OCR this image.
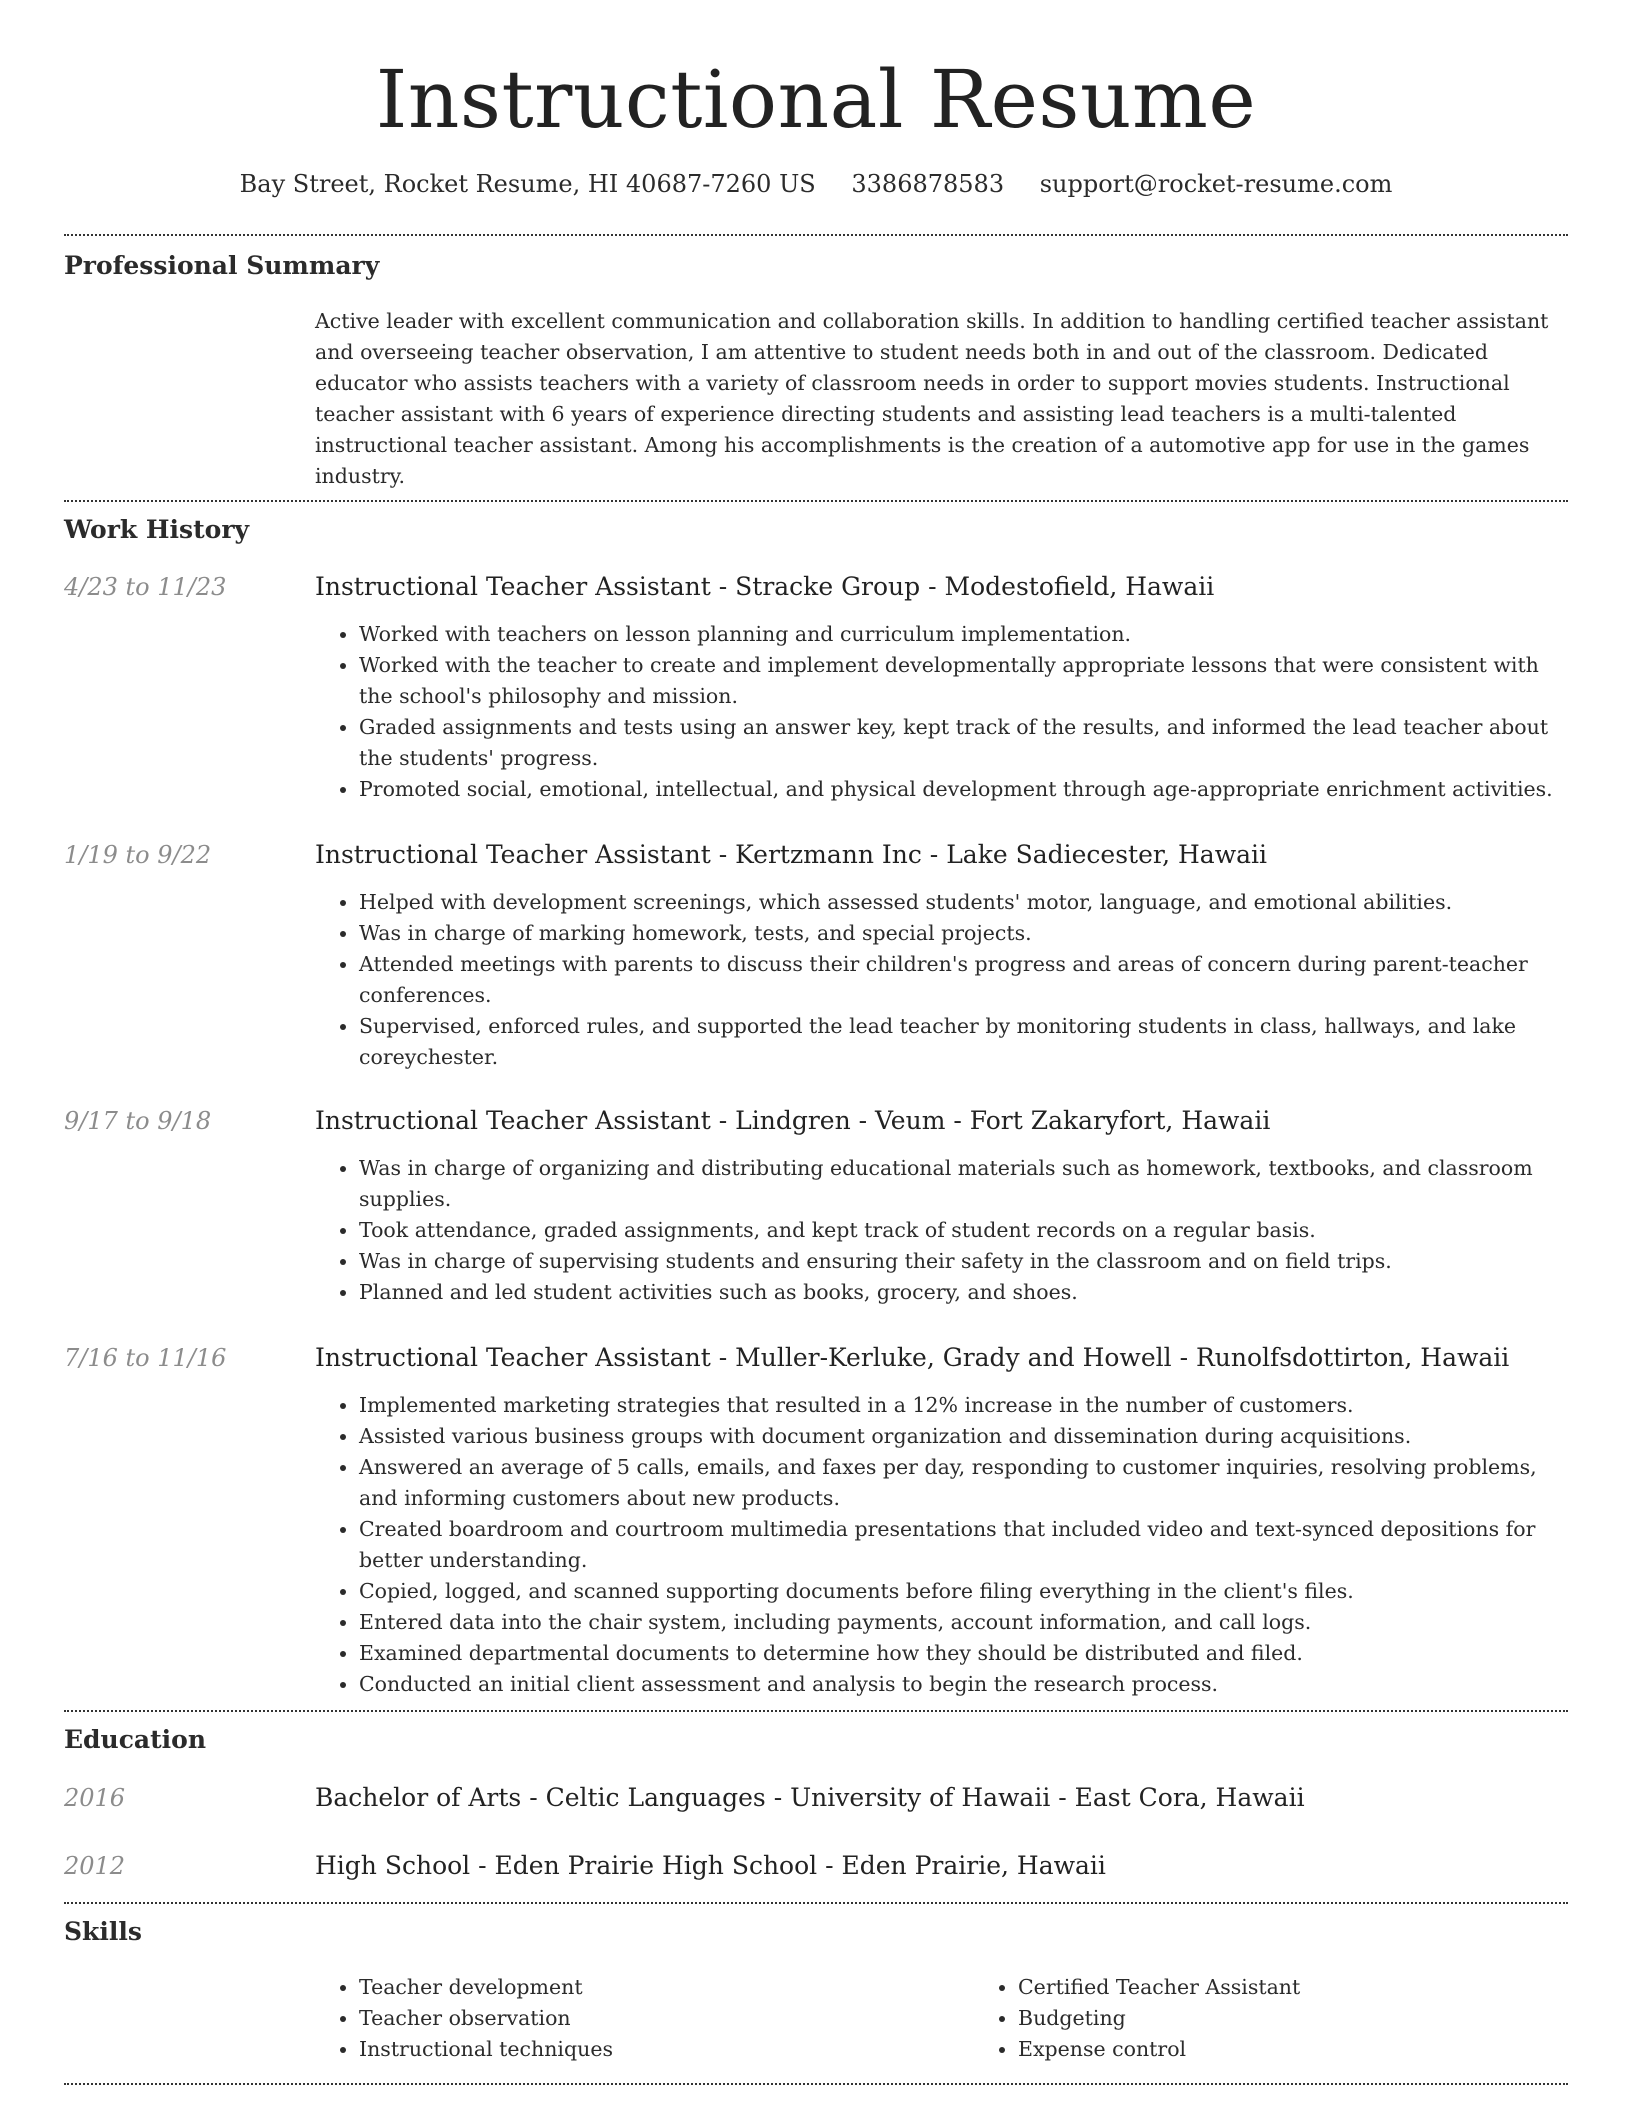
Instructional Resume
Bay Street, Rocket Resume, HI 40687-7260 US 3386878583 support@rocket-resume.com
Professional Summary

Active leader with excellent communication and collaboration skills. In addition to handling certified teacher assistant and overseeing teacher observation, I am attentive to student needs both in and out of the classroom. Dedicated educator who assists teachers with a variety of classroom needs in order to support movies students. Instructional teacher assistant with 6 years of experience directing students and assisting lead teachers is a multi-talented instructional teacher assistant. Among his accomplishments is the creation of a automotive app for use in the games industry.

Work History
4/23 to 11/23	Instructional Teacher Assistant - Stracke Group - Modestofield, Hawaii
• Worked with teachers on lesson planning and curriculum implementation.
• Worked with the teacher to create and implement developmentally appropriate lessons that were consistent with the school's philosophy and mission.
• Graded assignments and tests using an answer key, kept track of the results, and informed the lead teacher about the students' progress.
• Promoted social, emotional, intellectual, and physical development through age-appropriate enrichment activities.
1/19 to 9/22	Instructional Teacher Assistant - Kertzmann Inc - Lake Sadiecester, Hawaii
• Helped with development screenings, which assessed students' motor, language, and emotional abilities.
• Was in charge of marking homework, tests, and special projects.
• Attended meetings with parents to discuss their children's progress and areas of concern during parent-teacher conferences.
• Supervised, enforced rules, and supported the lead teacher by monitoring students in class, hallways, and lake coreychester.
9/17 to 9/18	Instructional Teacher Assistant - Lindgren - Veum - Fort Zakaryfort, Hawaii
• Was in charge of organizing and distributing educational materials such as homework, textbooks, and classroom supplies.
• Took attendance, graded assignments, and kept track of student records on a regular basis.
• Was in charge of supervising students and ensuring their safety in the classroom and on field trips.
• Planned and led student activities such as books, grocery, and shoes.
7/16 to 11/16	Instructional Teacher Assistant - Muller-Kerluke, Grady and Howell - Runolfsdottirton, Hawaii
• Implemented marketing strategies that resulted in a 12% increase in the number of customers.
• Assisted various business groups with document organization and dissemination during acquisitions.
• Answered an average of 5 calls, emails, and faxes per day, responding to customer inquiries, resolving problems, and informing customers about new products.
• Created boardroom and courtroom multimedia presentations that included video and text-synced depositions for better understanding.
• Copied, logged, and scanned supporting documents before filing everything in the client's files.
• Entered data into the chair system, including payments, account information, and call logs.
• Examined departmental documents to determine how they should be distributed and filed.
• Conducted an initial client assessment and analysis to begin the research process.
Education
2016	Bachelor of Arts - Celtic Languages - University of Hawaii - East Cora, Hawaii
2012	High School - Eden Prairie High School - Eden Prairie, Hawaii
Skills
• Teacher development
• Teacher observation
• Instructional techniques
• Certified Teacher Assistant
• Budgeting
• Expense control
